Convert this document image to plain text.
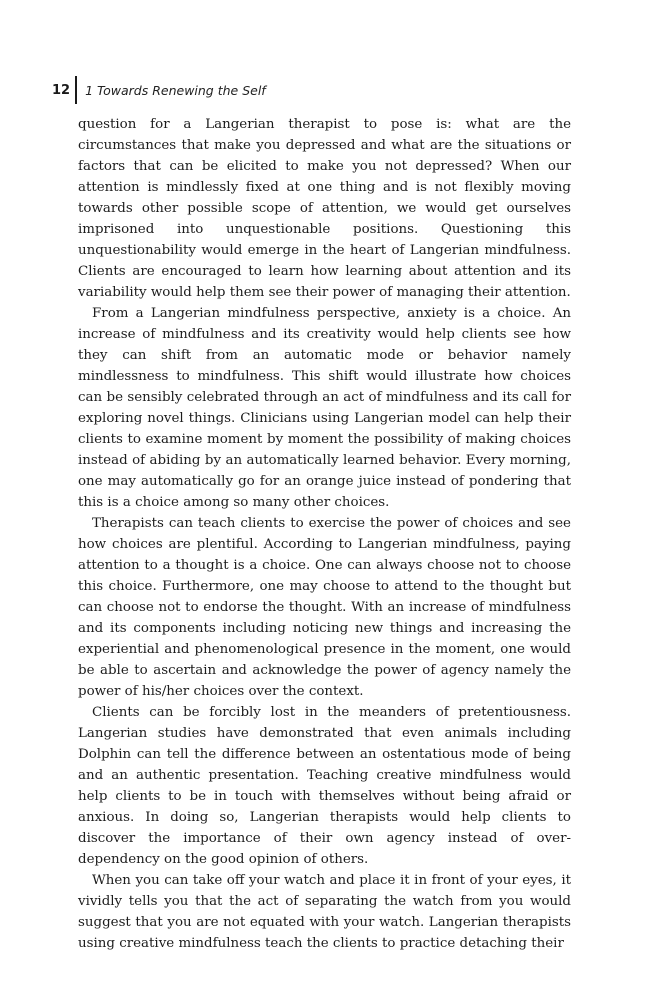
12 1 Towards Renewing the Self

question for a Langerian therapist to pose is: what are the circumstances that make you depressed and what are the situations or factors that can be elicited to make you not depressed? When our attention is mindlessly fixed at one thing and is not flexibly moving towards other possible scope of attention, we would get ourselves imprisoned into unquestionable positions. Questioning this unquestionability would emerge in the heart of Langerian mindfulness. Clients are encouraged to learn how learning about attention and its variability would help them see their power of managing their attention.

From a Langerian mindfulness perspective, anxiety is a choice. An increase of mindfulness and its creativity would help clients see how they can shift from an automatic mode or behavior namely mindlessness to mindfulness. This shift would illustrate how choices can be sensibly celebrated through an act of mindfulness and its call for exploring novel things. Clinicians using Langerian model can help their clients to examine moment by moment the possibility of making choices instead of abiding by an automatically learned behavior. Every morning, one may automatically go for an orange juice instead of pondering that this is a choice among so many other choices.

Therapists can teach clients to exercise the power of choices and see how choices are plentiful. According to Langerian mindfulness, paying attention to a thought is a choice. One can always choose not to choose this choice. Furthermore, one may choose to attend to the thought but can choose not to endorse the thought. With an increase of mindfulness and its components including noticing new things and increasing the experiential and phenomenological presence in the moment, one would be able to ascertain and acknowledge the power of agency namely the power of his/her choices over the context.

Clients can be forcibly lost in the meanders of pretentiousness. Langerian studies have demonstrated that even animals including Dolphin can tell the difference between an ostentatious mode of being and an authentic presentation. Teaching creative mindfulness would help clients to be in touch with themselves without being afraid or anxious. In doing so, Langerian therapists would help clients to discover the importance of their own agency instead of over-dependency on the good opinion of others.

When you can take off your watch and place it in front of your eyes, it vividly tells you that the act of separating the watch from you would suggest that you are not equated with your watch. Langerian therapists using creative mindfulness teach the clients to practice detaching their
